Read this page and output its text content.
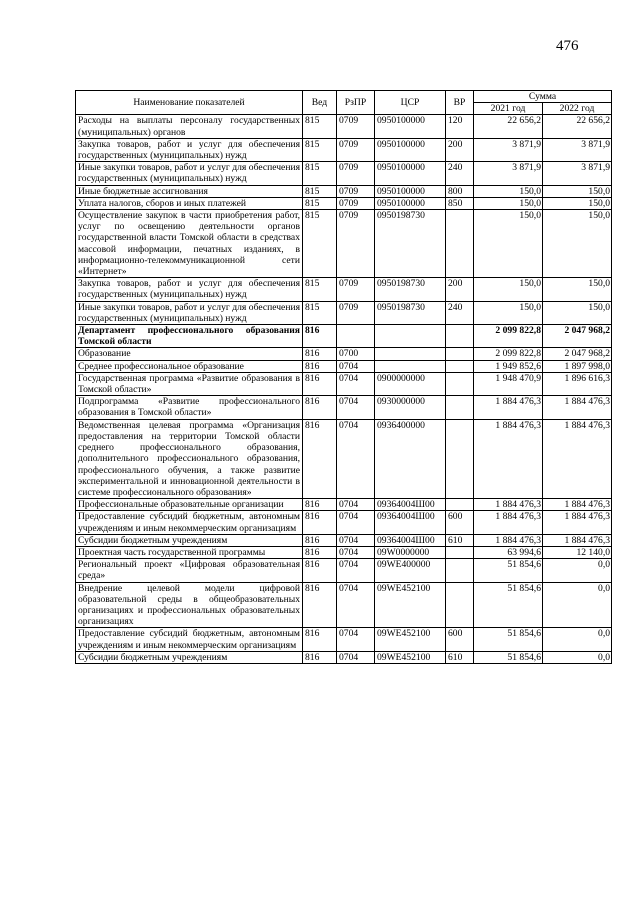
476
Наименование показателей	Вед	РзПР	ЦСР	ВР	Сумма	
					2021 год	2022 год
Расходы на выплаты персоналу государственных (муниципальных) органов	815	0709	0950100000	120	22 656,2	22 656,2
Закупка товаров, работ и услуг для обеспечения государственных (муниципальных) нужд	815	0709	0950100000	200	3 871,9	3 871,9
Иные закупки товаров, работ и услуг для обеспечения государственных (муниципальных) нужд	815	0709	0950100000	240	3 871,9	3 871,9
Иные бюджетные ассигнования	815	0709	0950100000	800	150,0	150,0
Уплата налогов, сборов и иных платежей	815	0709	0950100000	850	150,0	150,0
Осуществление закупок в части приобретения работ, услуг по освещению деятельности органов государственной власти Томской области в средствах массовой информации, печатных изданиях, в информационно-телекоммуникационной сети «Интернет»	815	0709	0950198730		150,0	150,0
Закупка товаров, работ и услуг для обеспечения государственных (муниципальных) нужд	815	0709	0950198730	200	150,0	150,0
Иные закупки товаров, работ и услуг для обеспечения государственных (муниципальных) нужд	815	0709	0950198730	240	150,0	150,0
Департамент профессионального образования Томской области	816				2 099 822,8	2 047 968,2
Образование	816	0700			2 099 822,8	2 047 968,2
Среднее профессиональное образование	816	0704			1 949 852,6	1 897 998,0
Государственная программа «Развитие образования в Томской области»	816	0704	0900000000		1 948 470,9	1 896 616,3
Подпрограмма «Развитие профессионального образования в Томской области»	816	0704	0930000000		1 884 476,3	1 884 476,3
Ведомственная целевая программа «Организация предоставления на территории Томской области среднего профессионального образования, дополнительного профессионального образования, профессионального обучения, а также развитие экспериментальной и инновационной деятельности в системе профессионального образования»	816	0704	0936400000		1 884 476,3	1 884 476,3
Профессиональные образовательные организации	816	0704	09364004Ш00		1 884 476,3	1 884 476,3
Предоставление субсидий бюджетным, автономным учреждениям и иным некоммерческим организациям	816	0704	09364004Ш00	600	1 884 476,3	1 884 476,3
Субсидии бюджетным учреждениям	816	0704	09364004Ш00	610	1 884 476,3	1 884 476,3
Проектная часть государственной программы	816	0704	09W0000000		63 994,6	12 140,0
Региональный проект «Цифровая образовательная среда»	816	0704	09WE400000		51 854,6	0,0
Внедрение целевой модели цифровой образовательной среды в общеобразовательных организациях и профессиональных образовательных организациях	816	0704	09WE452100		51 854,6	0,0
Предоставление субсидий бюджетным, автономным учреждениям и иным некоммерческим организациям	816	0704	09WE452100	600	51 854,6	0,0
Субсидии бюджетным учреждениям	816	0704	09WE452100	610	51 854,6	0,0
